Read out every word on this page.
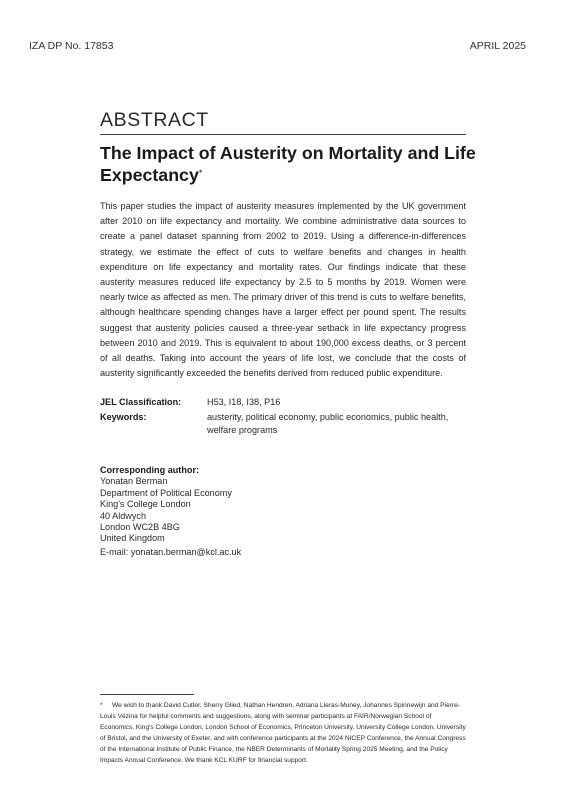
IZA DP No. 17853	APRIL 2025
ABSTRACT
The Impact of Austerity on Mortality and Life Expectancy*
This paper studies the impact of austerity measures implemented by the UK government after 2010 on life expectancy and mortality. We combine administrative data sources to create a panel dataset spanning from 2002 to 2019. Using a difference-in-differences strategy, we estimate the effect of cuts to welfare benefits and changes in health expenditure on life expectancy and mortality rates. Our findings indicate that these austerity measures reduced life expectancy by 2.5 to 5 months by 2019. Women were nearly twice as affected as men. The primary driver of this trend is cuts to welfare benefits, although healthcare spending changes have a larger effect per pound spent. The results suggest that austerity policies caused a three-year setback in life expectancy progress between 2010 and 2019. This is equivalent to about 190,000 excess deaths, or 3 percent of all deaths. Taking into account the years of life lost, we conclude that the costs of austerity significantly exceeded the benefits derived from reduced public expenditure.
JEL Classification:	H53, I18, I38, P16
Keywords:	austerity, political economy, public economics, public health, welfare programs
Corresponding author:
Yonatan Berman
Department of Political Economy
King's College London
40 Aldwych
London WC2B 4BG
United Kingdom
E-mail: yonatan.berman@kcl.ac.uk
* We wish to thank David Cutler, Sherry Glied, Nathan Hendren, Adriana Lleras-Muney, Johannes Spinnewijn and Pierre-Louis Vézina for helpful comments and suggestions, along with seminar participants at FAIR/Norwegian School of Economics, King's College London, London School of Economics, Princeton University, University College London, University of Bristol, and the University of Exeter, and with conference participants at the 2024 NICEP Conference, the Annual Congress of the International Institute of Public Finance, the NBER Determinants of Mortality Spring 2025 Meeting, and the Policy Impacts Annual Conference. We thank KCL KURF for financial support.
